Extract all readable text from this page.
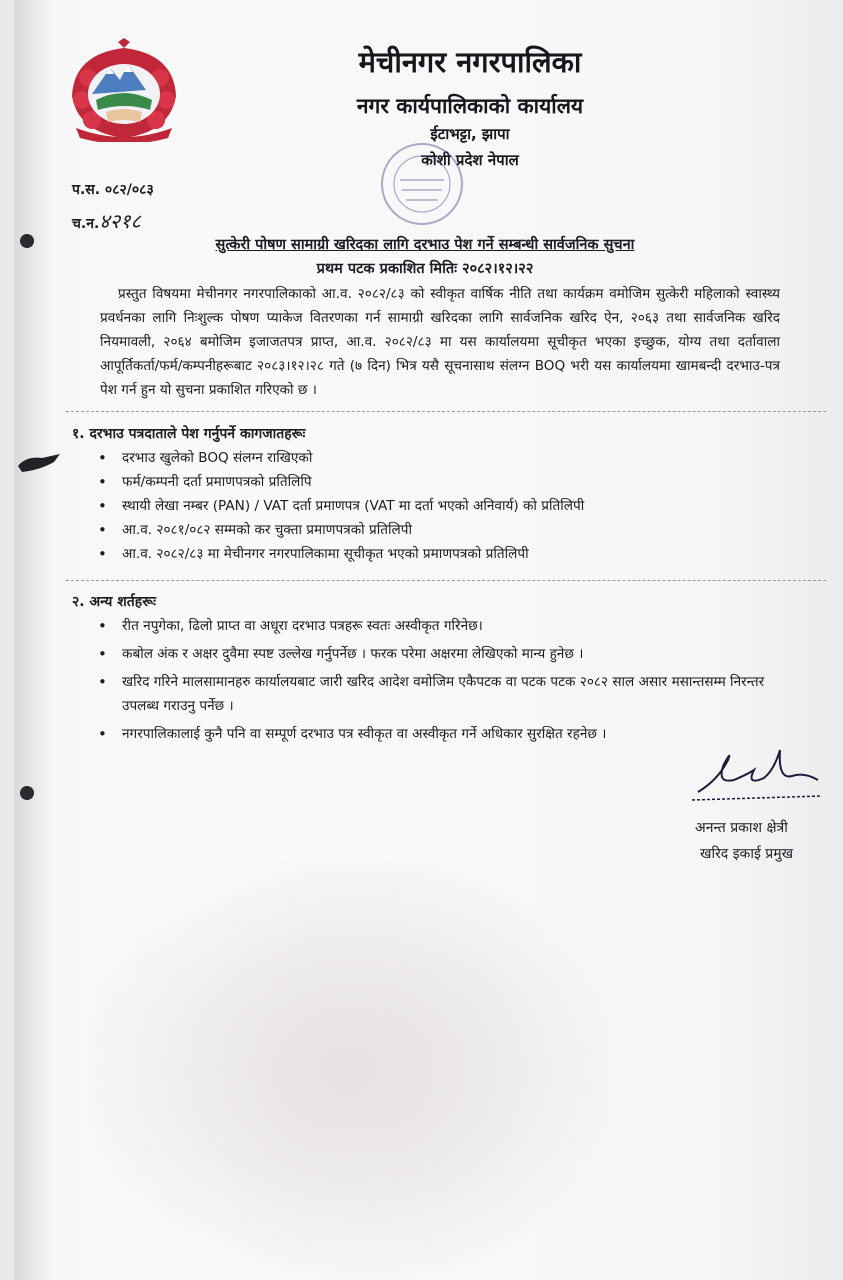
मेचीनगर नगरपालिका
नगर कार्यपालिकाको कार्यालय
ईटाभट्टा, झापा
कोशी प्रदेश नेपाल
प.स. ०८२/०८३
च.न.४२१८
सुत्केरी पोषण सामाग्री खरिदका लागि दरभाउ पेश गर्ने सम्बन्धी सार्वजनिक सुचना
प्रथम पटक प्रकाशित मितिः २०८२।१२।२२
प्रस्तुत विषयमा मेचीनगर नगरपालिकाको आ.व. २०८२/८३ को स्वीकृत वार्षिक नीति तथा कार्यक्रम वमोजिम सुत्केरी महिलाको स्वास्थ्य प्रवर्धनका लागि निःशुल्क पोषण प्याकेज वितरणका गर्न सामाग्री खरिदका लागि सार्वजनिक खरिद ऐन, २०६३ तथा सार्वजनिक खरिद नियमावली, २०६४ बमोजिम इजाजतपत्र प्राप्त, आ.व. २०८२/८३ मा यस कार्यालयमा सूचीकृत भएका इच्छुक, योग्य तथा दर्तावाला आपूर्तिकर्ता/फर्म/कम्पनीहरूबाट २०८३।१२।२८ गते (७ दिन) भित्र यसै सूचनासाथ संलग्न BOQ भरी यस कार्यालयमा खामबन्दी दरभाउ-पत्र पेश गर्न हुन यो सुचना प्रकाशित गरिएको छ ।
१. दरभाउ पत्रदाताले पेश गर्नुपर्ने कागजातहरूः
• दरभाउ खुलेको BOQ संलग्न राखिएको
• फर्म/कम्पनी दर्ता प्रमाणपत्रको प्रतिलिपि
• स्थायी लेखा नम्बर (PAN) / VAT दर्ता प्रमाणपत्र (VAT मा दर्ता भएको अनिवार्य) को प्रतिलिपी
• आ.व. २०८१/०८२ सम्मको कर चुक्ता प्रमाणपत्रको प्रतिलिपी
• आ.व. २०८२/८३ मा मेचीनगर नगरपालिकामा सूचीकृत भएको प्रमाणपत्रको प्रतिलिपी
२. अन्य शर्तहरूः
• रीत नपुगेका, ढिलो प्राप्त वा अधूरा दरभाउ पत्रहरू स्वतः अस्वीकृत गरिनेछ।
• कबोल अंक र अक्षर दुवैमा स्पष्ट उल्लेख गर्नुपर्नेछ । फरक परेमा अक्षरमा लेखिएको मान्य हुनेछ ।
• खरिद गरिने मालसामानहरु कार्यालयबाट जारी खरिद आदेश वमोजिम एकैपटक वा पटक पटक २०८२ साल असार मसान्तसम्म निरन्तर उपलब्ध गराउनु पर्नेछ ।
• नगरपालिकालाई कुनै पनि वा सम्पूर्ण दरभाउ पत्र स्वीकृत वा अस्वीकृत गर्ने अधिकार सुरक्षित रहनेछ ।
अनन्त प्रकाश क्षेत्री
खरिद इकाई प्रमुख
